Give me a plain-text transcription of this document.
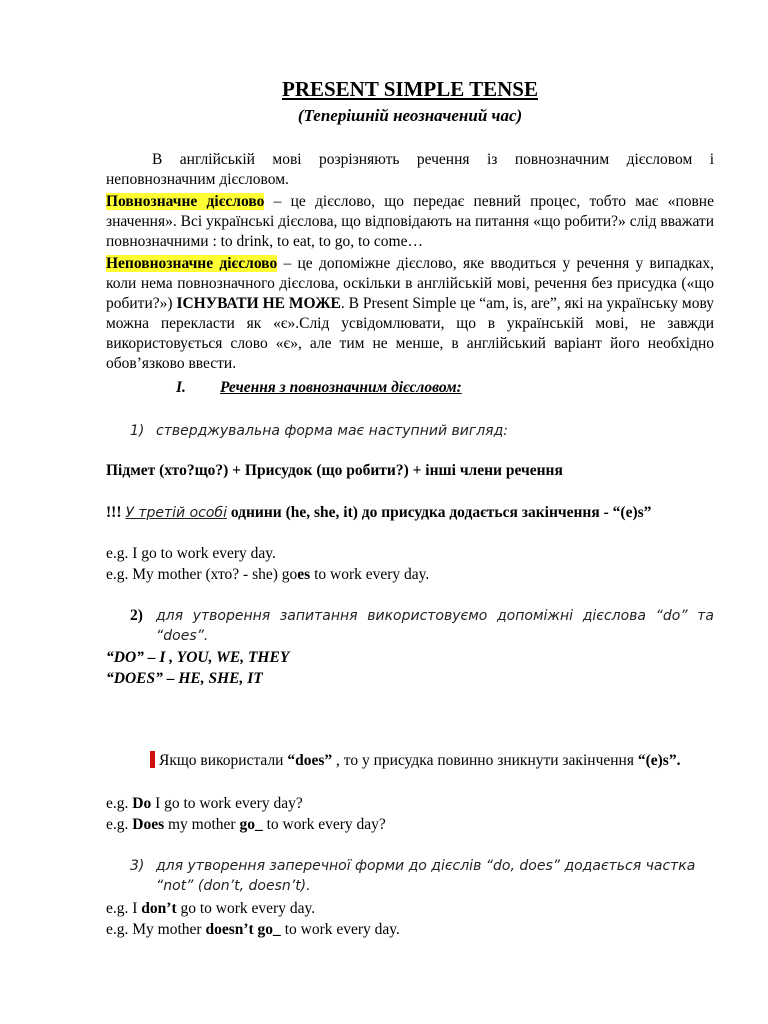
PRESENT SIMPLE TENSE
(Теперішній неозначений час)
В англійській мові розрізняють речення із повнозначним дієсловом і неповнозначним дієсловом.
Повнозначне дієслово – це дієслово, що передає певний процес, тобто має «повне значення». Всі українські дієслова, що відповідають на питання «що робити?» слід вважати повнозначними : to drink, to eat, to go, to come…
Неповнозначне дієслово – це допоміжне дієслово, яке вводиться у речення у випадках, коли нема повнозначного дієслова, оскільки в англійській мові, речення без присудка («що робити?») ІСНУВАТИ НЕ МОЖЕ. В Present Simple це “am, is, are”, які на українську мову можна перекласти як «є».Слід усвідомлювати, що в українській мові, не завжди використовується слово «є», але тим не менше, в англійський варіант його необхідно обов’язково ввести.
I. Речення з повнозначним дієсловом:
1) стверджувальна форма має наступний вигляд:
Підмет (хто?що?) + Присудок (що робити?) + інші члени речення
!!! У третій особі однини (he, she, it) до присудка додається закінчення - “(e)s”
e.g. I go to work every day.
e.g. My mother (хто? - she) goes to work every day.
2) для утворення запитання використовуємо допоміжні дієслова “do” та “does”.
“DO” – I , YOU, WE, THEY
“DOES” – HE, SHE, IT
Якщо використали “does” , то у присудка повинно зникнути закінчення “(e)s”.
e.g. Do I go to work every day?
e.g. Does my mother go_ to work every day?
3) для утворення заперечної форми до дієслів “do, does” додається частка “not” (don’t, doesn’t).
e.g. I don’t go to work every day.
e.g. My mother doesn’t go_ to work every day.
